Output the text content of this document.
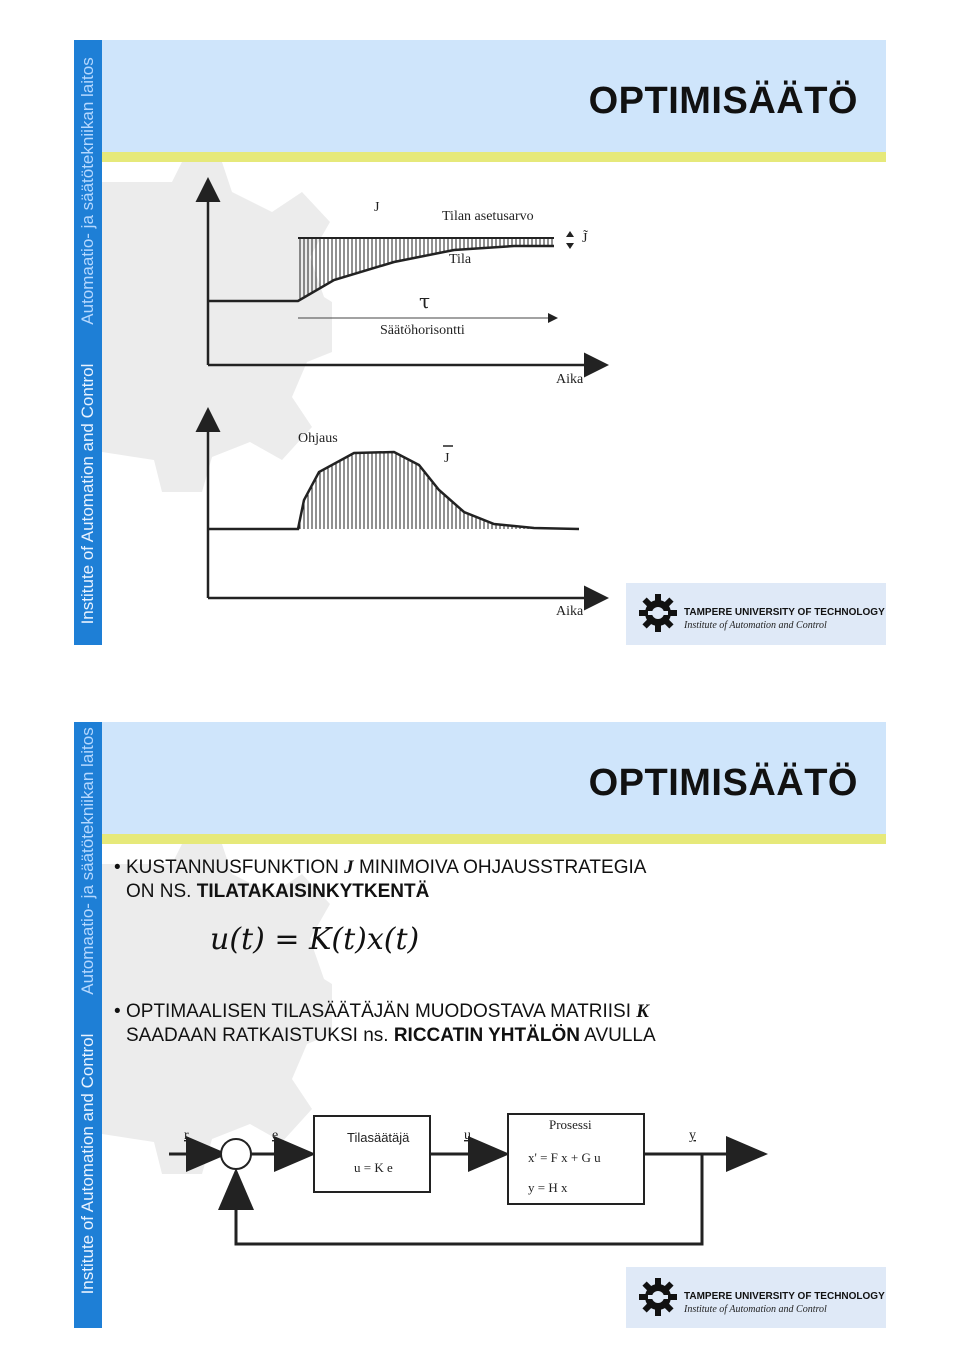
Automaatio- ja säätötekniikan laitos
Institute of Automation and Control
OPTIMISÄÄTÖ
J
Tilan asetusarvo
Tila
J̃
τ
Säätöhorisontti
Aika
Ohjaus
J
Aika	TAMPERE UNIVERSITY OF TECHNOLOGY
Institute of Automation and Control
Automaatio- ja säätötekniikan laitos
Institute of Automation and Control
OPTIMISÄÄTÖ
• KUSTANNUSFUNKTION J MINIMOIVA OHJAUSSTRATEGIA
ON NS. TILATAKAISINKYTKENTÄ
u(t) = K(t)x(t)
• OPTIMAALISEN TILASÄÄTÄJÄN MUODOSTAVA MATRIISI K
SAADAAN RATKAISTUKSI ns. RICCATIN YHTÄLÖN AVULLA
r	e	u	y
Tilasäätäjä
u = K e
Prosessi
x' = F x + G u
y = H x
TAMPERE UNIVERSITY OF TECHNOLOGY
Institute of Automation and Control
